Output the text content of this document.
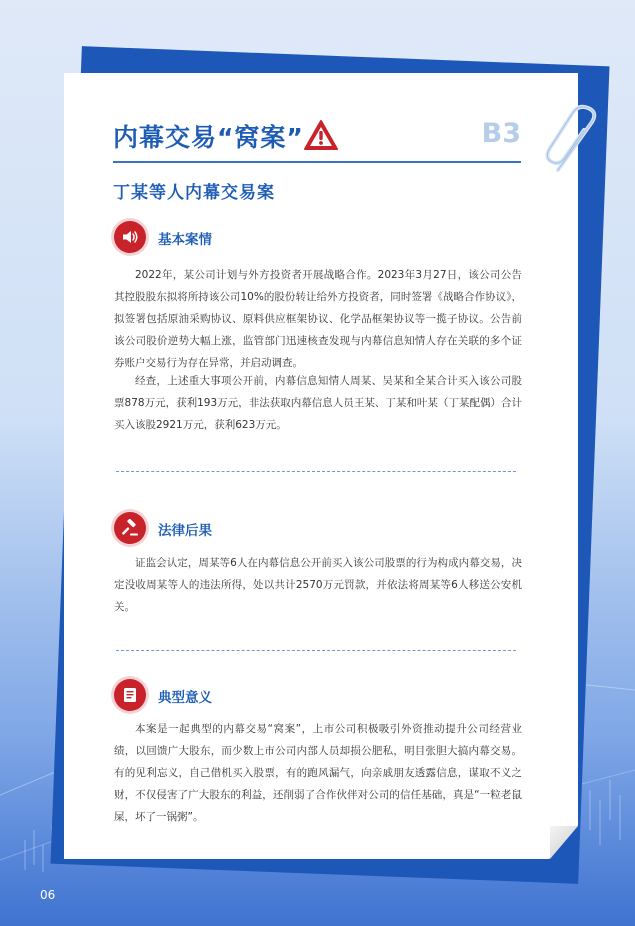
内幕交易“窝案”	B3
丁某等人内幕交易案
基本案情

2022年，某公司计划与外方投资者开展战略合作。2023年3月27日，该公司公告其控股股东拟将所持该公司10%的股份转让给外方投资者，同时签署《战略合作协议》，拟签署包括原油采购协议、原料供应框架协议、化学品框架协议等一揽子协议。公告前该公司股价逆势大幅上涨，监管部门迅速核查发现与内幕信息知情人存在关联的多个证券账户交易行为存在异常，并启动调查。

经查，上述重大事项公开前，内幕信息知情人周某、吴某和全某合计买入该公司股票878万元，获利193万元，非法获取内幕信息人员王某、丁某和叶某（丁某配偶）合计买入该股2921万元，获利623万元。

法律后果

证监会认定，周某等6人在内幕信息公开前买入该公司股票的行为构成内幕交易，决定没收周某等人的违法所得，处以共计2570万元罚款，并依法将周某等6人移送公安机关。

典型意义

本案是一起典型的内幕交易“窝案”，上市公司积极吸引外资推动提升公司经营业绩，以回馈广大股东，而少数上市公司内部人员却损公肥私，明目张胆大搞内幕交易。有的见利忘义，自己借机买入股票，有的跑风漏气，向亲戚朋友透露信息，谋取不义之财，不仅侵害了广大股东的利益，还削弱了合作伙伴对公司的信任基础，真是“一粒老鼠屎，坏了一锅粥”。

06
